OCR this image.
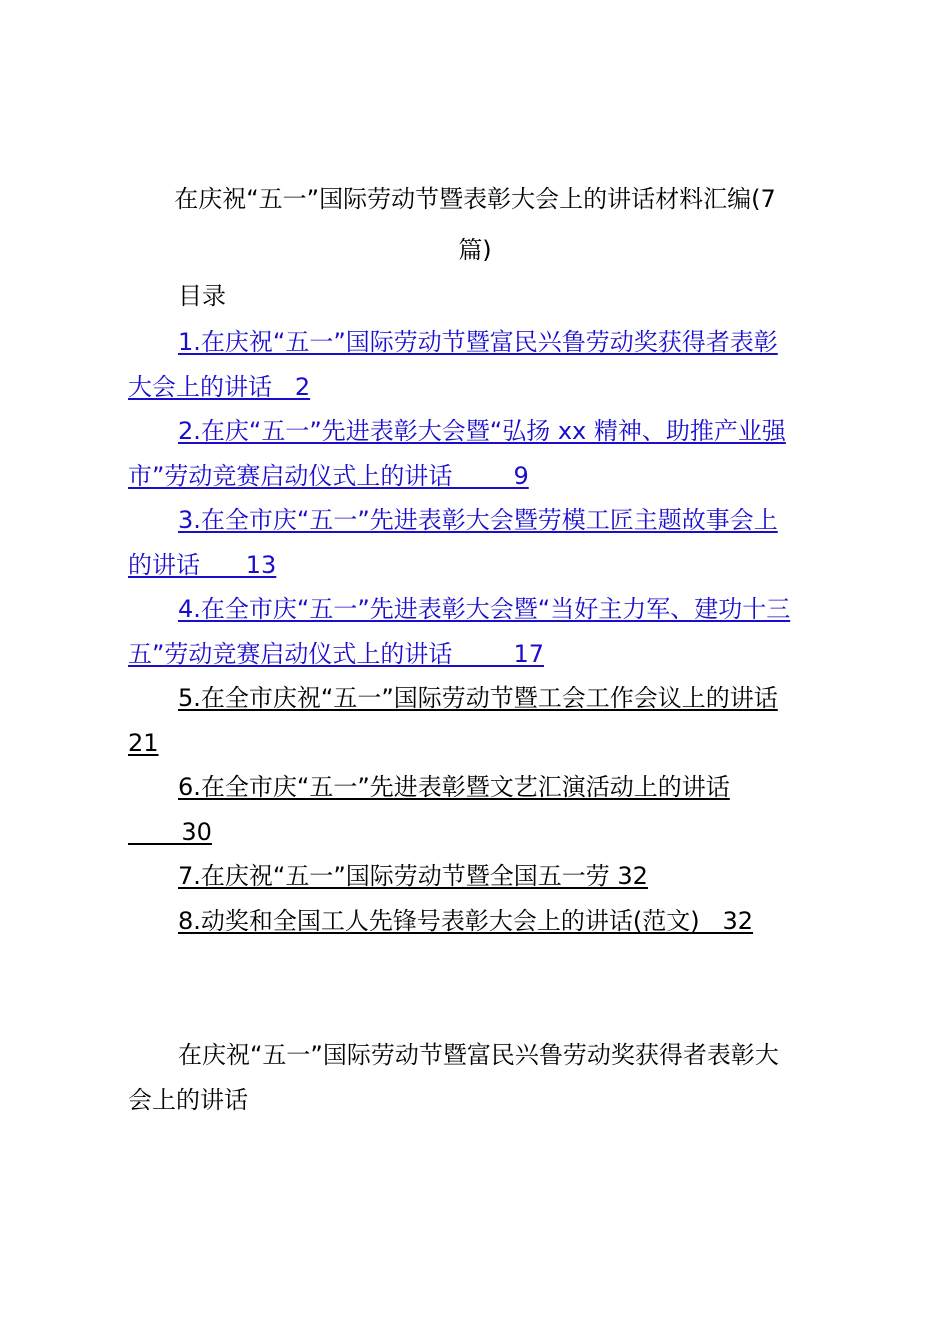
在庆祝“五一”国际劳动节暨表彰大会上的讲话材料汇编(7
篇)
目录
1.在庆祝“五一”国际劳动节暨富民兴鲁劳动奖获得者表彰
大会上的讲话   2
2.在庆“五一”先进表彰大会暨“弘扬 xx 精神、助推产业强
市”劳动竞赛启动仪式上的讲话        9
3.在全市庆“五一”先进表彰大会暨劳模工匠主题故事会上
的讲话      13
4.在全市庆“五一”先进表彰大会暨“当好主力军、建功十三
五”劳动竞赛启动仪式上的讲话        17
5.在全市庆祝“五一”国际劳动节暨工会工作会议上的讲话
21
6.在全市庆“五一”先进表彰暨文艺汇演活动上的讲话
30
7.在庆祝“五一”国际劳动节暨全国五一劳 32
8.动奖和全国工人先锋号表彰大会上的讲话(范文)   32
在庆祝“五一”国际劳动节暨富民兴鲁劳动奖获得者表彰大
会上的讲话
